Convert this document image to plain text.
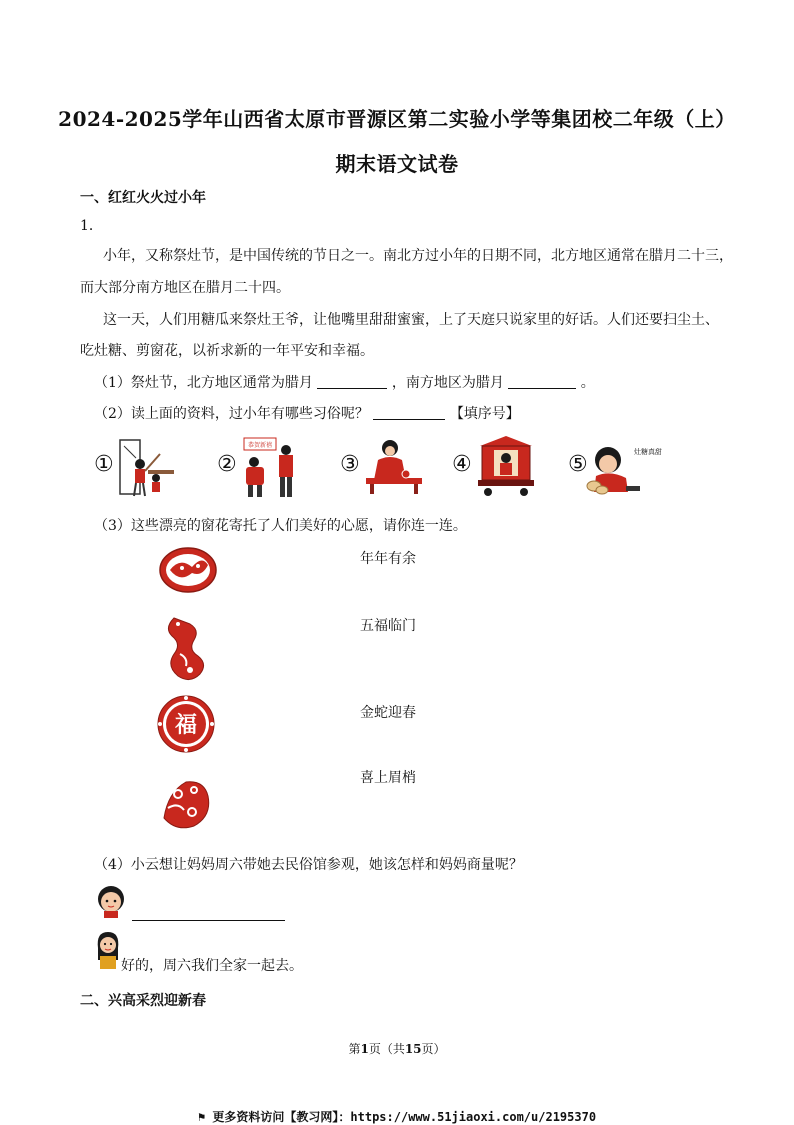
2024-2025学年山西省太原市晋源区第二实验小学等集团校二年级（上）
期末语文试卷
一、红红火火过小年
1．
小年，又称祭灶节，是中国传统的节日之一。南北方过小年的日期不同，北方地区通常在腊月二十三，
而大部分南方地区在腊月二十四。
这一天，人们用糖瓜来祭灶王爷，让他嘴里甜甜蜜蜜，上了天庭只说家里的好话。人们还要扫尘土、
吃灶糖、剪窗花，以祈求新的一年平安和幸福。
（1）祭灶节，北方地区通常为腊月	，南方地区为腊月	。
（2）读上面的资料，过小年有哪些习俗呢？	【填序号】
①	②
恭贺新禧
③	④	⑤	灶糖真甜
（3）这些漂亮的窗花寄托了人们美好的心愿，请你连一连。
福
年年有余
五福临门
金蛇迎春
喜上眉梢
（4）小云想让妈妈周六带她去民俗馆参观，她该怎样和妈妈商量呢？
好的，周六我们全家一起去。
二、兴高采烈迎新春
第1页（共15页）
⚑ 更多资料访问【教习网】：https://www.51jiaoxi.com/u/2195370
